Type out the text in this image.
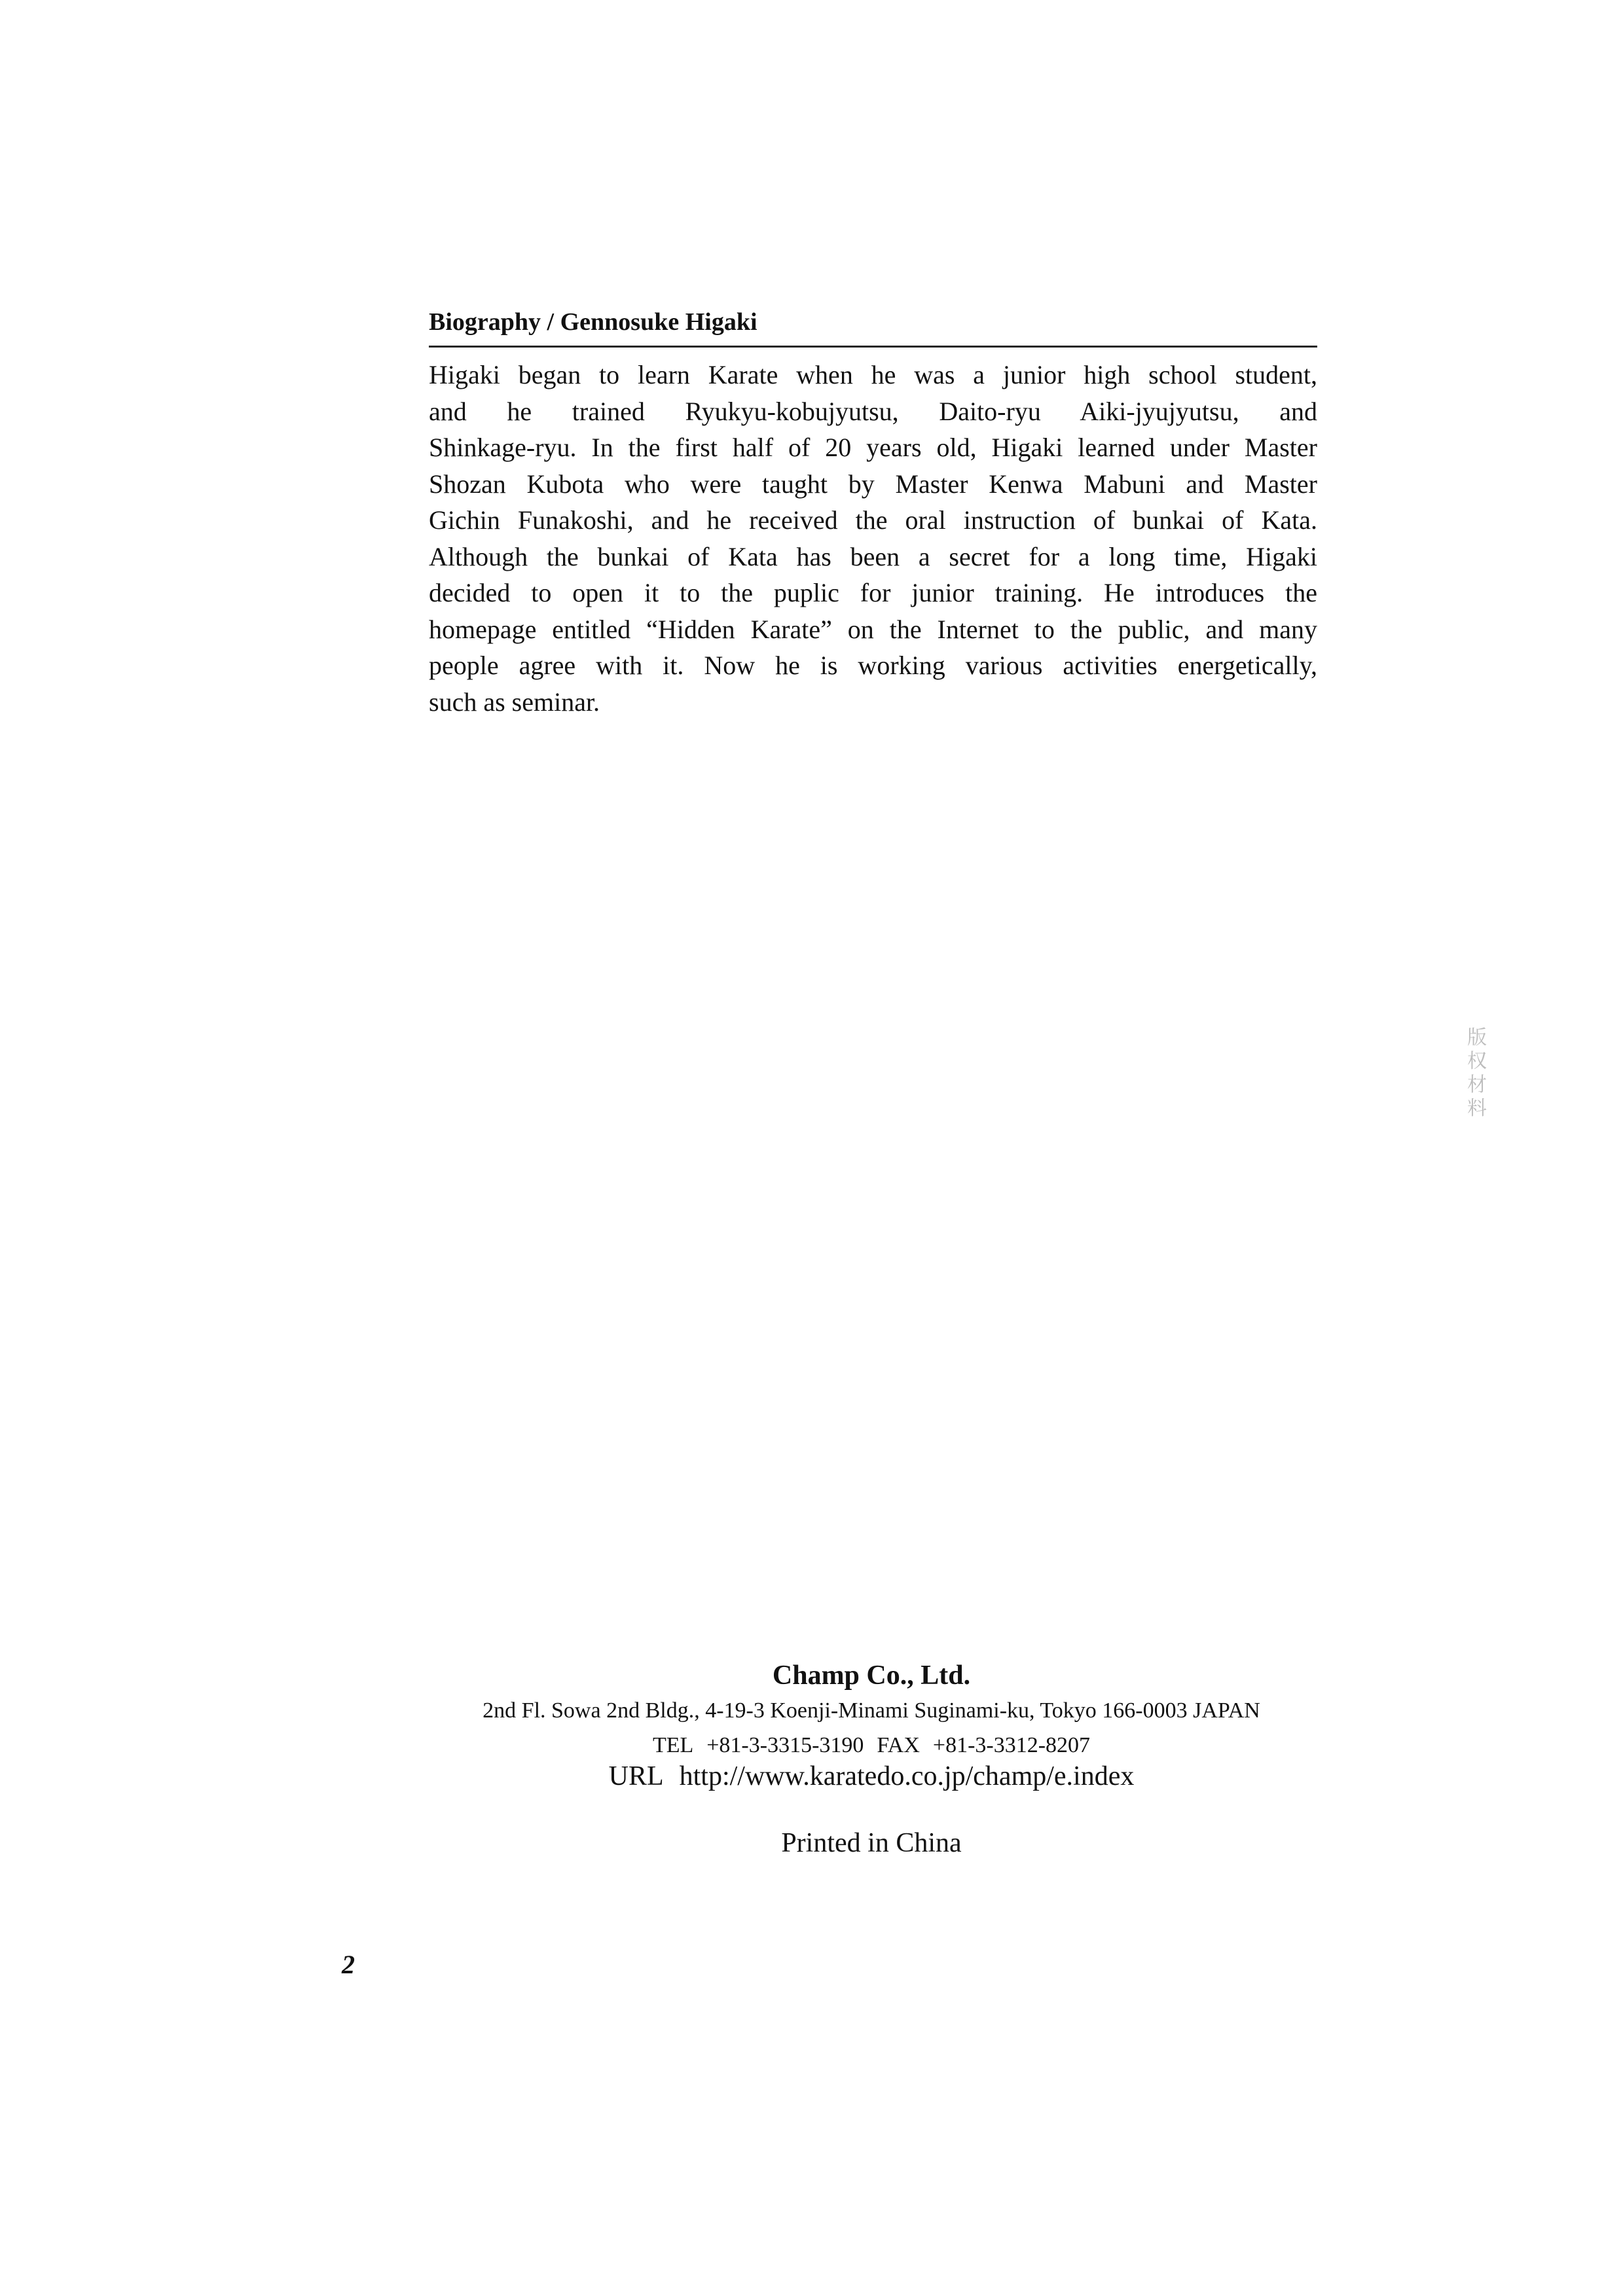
Biography / Gennosuke Higaki
Higaki began to learn Karate when he was a junior high school student,
and he trained Ryukyu-kobujyutsu, Daito-ryu Aiki-jyujyutsu, and
Shinkage-ryu. In the first half of 20 years old, Higaki learned under Master
Shozan Kubota who were taught by Master Kenwa Mabuni and Master
Gichin Funakoshi, and he received the oral instruction of bunkai of Kata.
Although the bunkai of Kata has been a secret for a long time, Higaki
decided to open it to the puplic for junior training. He introduces the
homepage entitled “Hidden Karate” on the Internet to the public, and many
people agree with it. Now he is working various activities energetically,
such as seminar.
版权材料
Champ Co., Ltd.
2nd Fl. Sowa 2nd Bldg., 4-19-3 Koenji-Minami Suginami-ku, Tokyo 166-0003 JAPAN
TEL +81-3-3315-3190 FAX +81-3-3312-8207
URL http://www.karatedo.co.jp/champ/e.index
Printed in China
2
